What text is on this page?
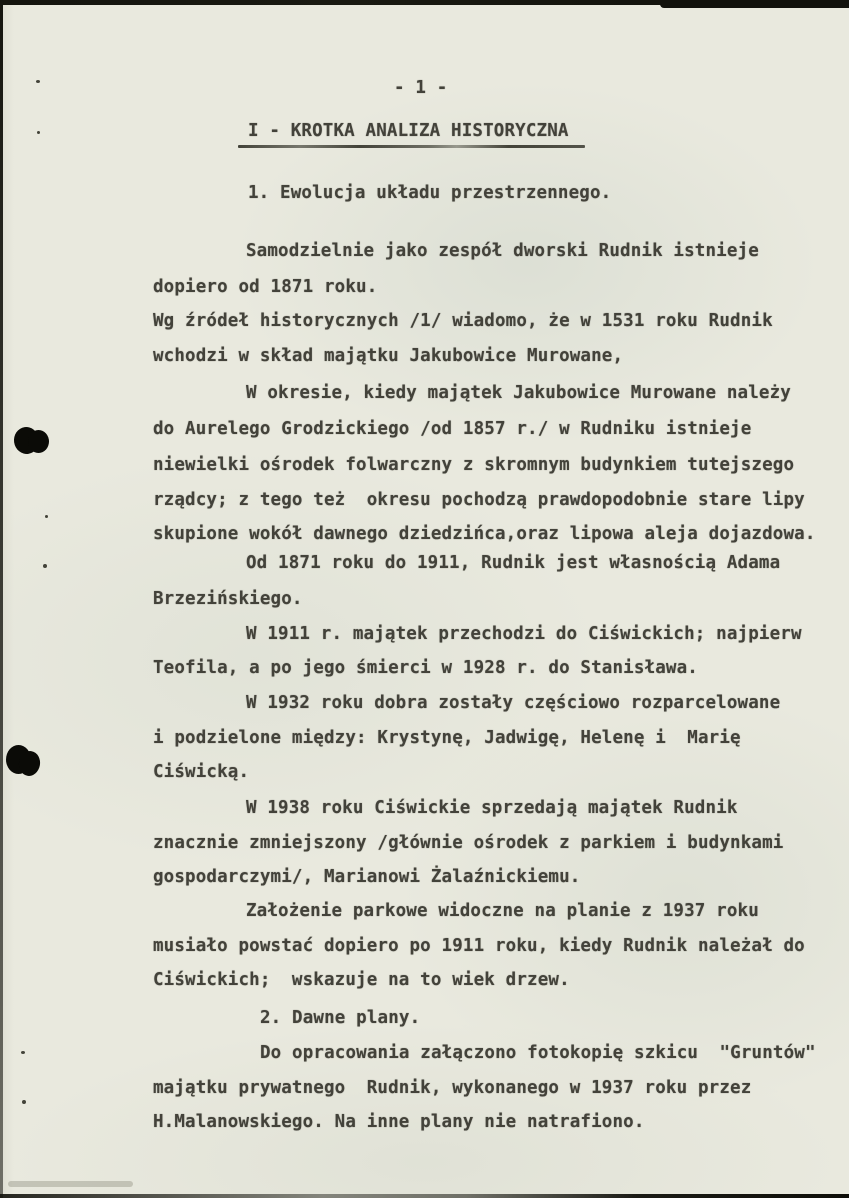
- 1 -
I - KROTKA ANALIZA HISTORYCZNA
1. Ewolucja układu przestrzennego.
Samodzielnie jako zespół dworski Rudnik istnieje
dopiero od 1871 roku.
Wg źródeł historycznych /1/ wiadomo, że w 1531 roku Rudnik
wchodzi w skład majątku Jakubowice Murowane,
W okresie, kiedy majątek Jakubowice Murowane należy
do Aurelego Grodzickiego /od 1857 r./ w Rudniku istnieje
niewielki ośrodek folwarczny z skromnym budynkiem tutejszego
rządcy; z tego też  okresu pochodzą prawdopodobnie stare lipy
skupione wokół dawnego dziedzińca,oraz lipowa aleja dojazdowa.
Od 1871 roku do 1911, Rudnik jest własnością Adama
Brzezińskiego.
W 1911 r. majątek przechodzi do Ciświckich; najpierw
Teofila, a po jego śmierci w 1928 r. do Stanisława.
W 1932 roku dobra zostały częściowo rozparcelowane
i podzielone między: Krystynę, Jadwigę, Helenę i  Marię
Ciświcką.
W 1938 roku Ciświckie sprzedają majątek Rudnik
znacznie zmniejszony /głównie ośrodek z parkiem i budynkami
gospodarczymi/, Marianowi Żalaźnickiemu.
Założenie parkowe widoczne na planie z 1937 roku
musiało powstać dopiero po 1911 roku, kiedy Rudnik należał do
Ciświckich;  wskazuje na to wiek drzew.
2. Dawne plany.
Do opracowania załączono fotokopię szkicu  "Gruntów"
majątku prywatnego  Rudnik, wykonanego w 1937 roku przez
H.Malanowskiego. Na inne plany nie natrafiono.
